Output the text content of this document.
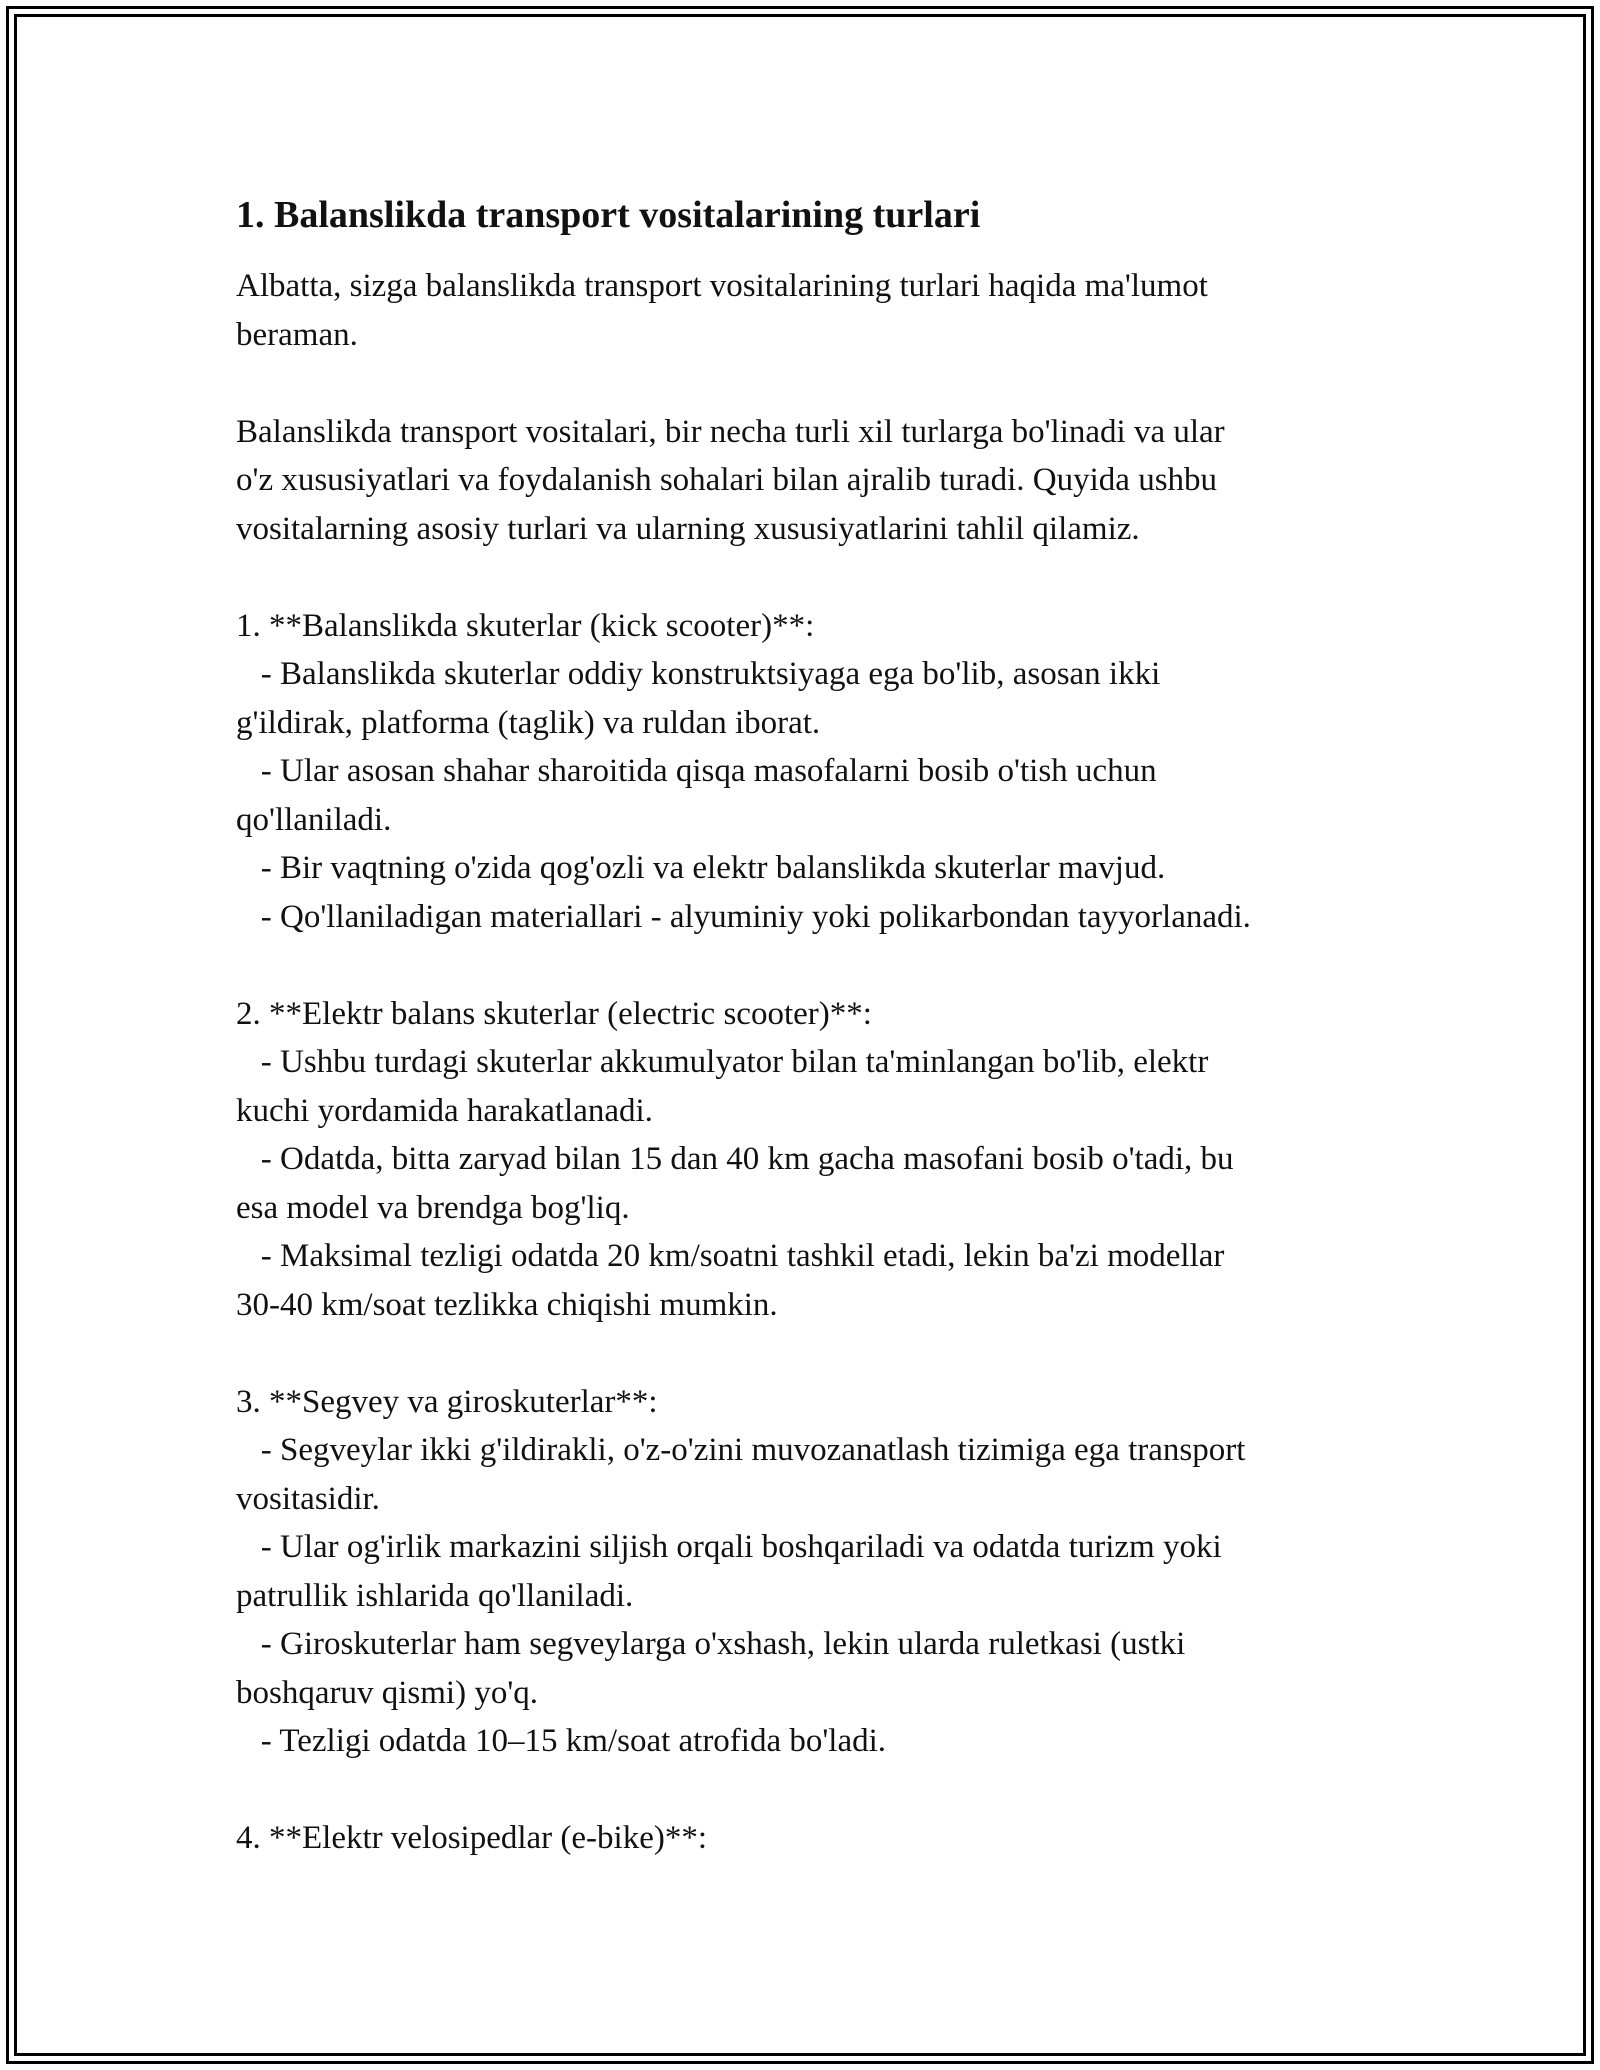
1. Balanslikda transport vositalarining turlari
Albatta, sizga balanslikda transport vositalarining turlari haqida ma'lumot
beraman.
Balanslikda transport vositalari, bir necha turli xil turlarga bo'linadi va ular
o'z xususiyatlari va foydalanish sohalari bilan ajralib turadi. Quyida ushbu
vositalarning asosiy turlari va ularning xususiyatlarini tahlil qilamiz.
1. **Balanslikda skuterlar (kick scooter)**:
- Balanslikda skuterlar oddiy konstruktsiyaga ega bo'lib, asosan ikki
g'ildirak, platforma (taglik) va ruldan iborat.
- Ular asosan shahar sharoitida qisqa masofalarni bosib o'tish uchun
qo'llaniladi.
- Bir vaqtning o'zida qog'ozli va elektr balanslikda skuterlar mavjud.
- Qo'llaniladigan materiallari - alyuminiy yoki polikarbondan tayyorlanadi.
2. **Elektr balans skuterlar (electric scooter)**:
- Ushbu turdagi skuterlar akkumulyator bilan ta'minlangan bo'lib, elektr
kuchi yordamida harakatlanadi.
- Odatda, bitta zaryad bilan 15 dan 40 km gacha masofani bosib o'tadi, bu
esa model va brendga bog'liq.
- Maksimal tezligi odatda 20 km/soatni tashkil etadi, lekin ba'zi modellar
30-40 km/soat tezlikka chiqishi mumkin.
3. **Segvey va giroskuterlar**:
- Segveylar ikki g'ildirakli, o'z-o'zini muvozanatlash tizimiga ega transport
vositasidir.
- Ular og'irlik markazini siljish orqali boshqariladi va odatda turizm yoki
patrullik ishlarida qo'llaniladi.
- Giroskuterlar ham segveylarga o'xshash, lekin ularda ruletkasi (ustki
boshqaruv qismi) yo'q.
- Tezligi odatda 10–15 km/soat atrofida bo'ladi.
4. **Elektr velosipedlar (e-bike)**:
